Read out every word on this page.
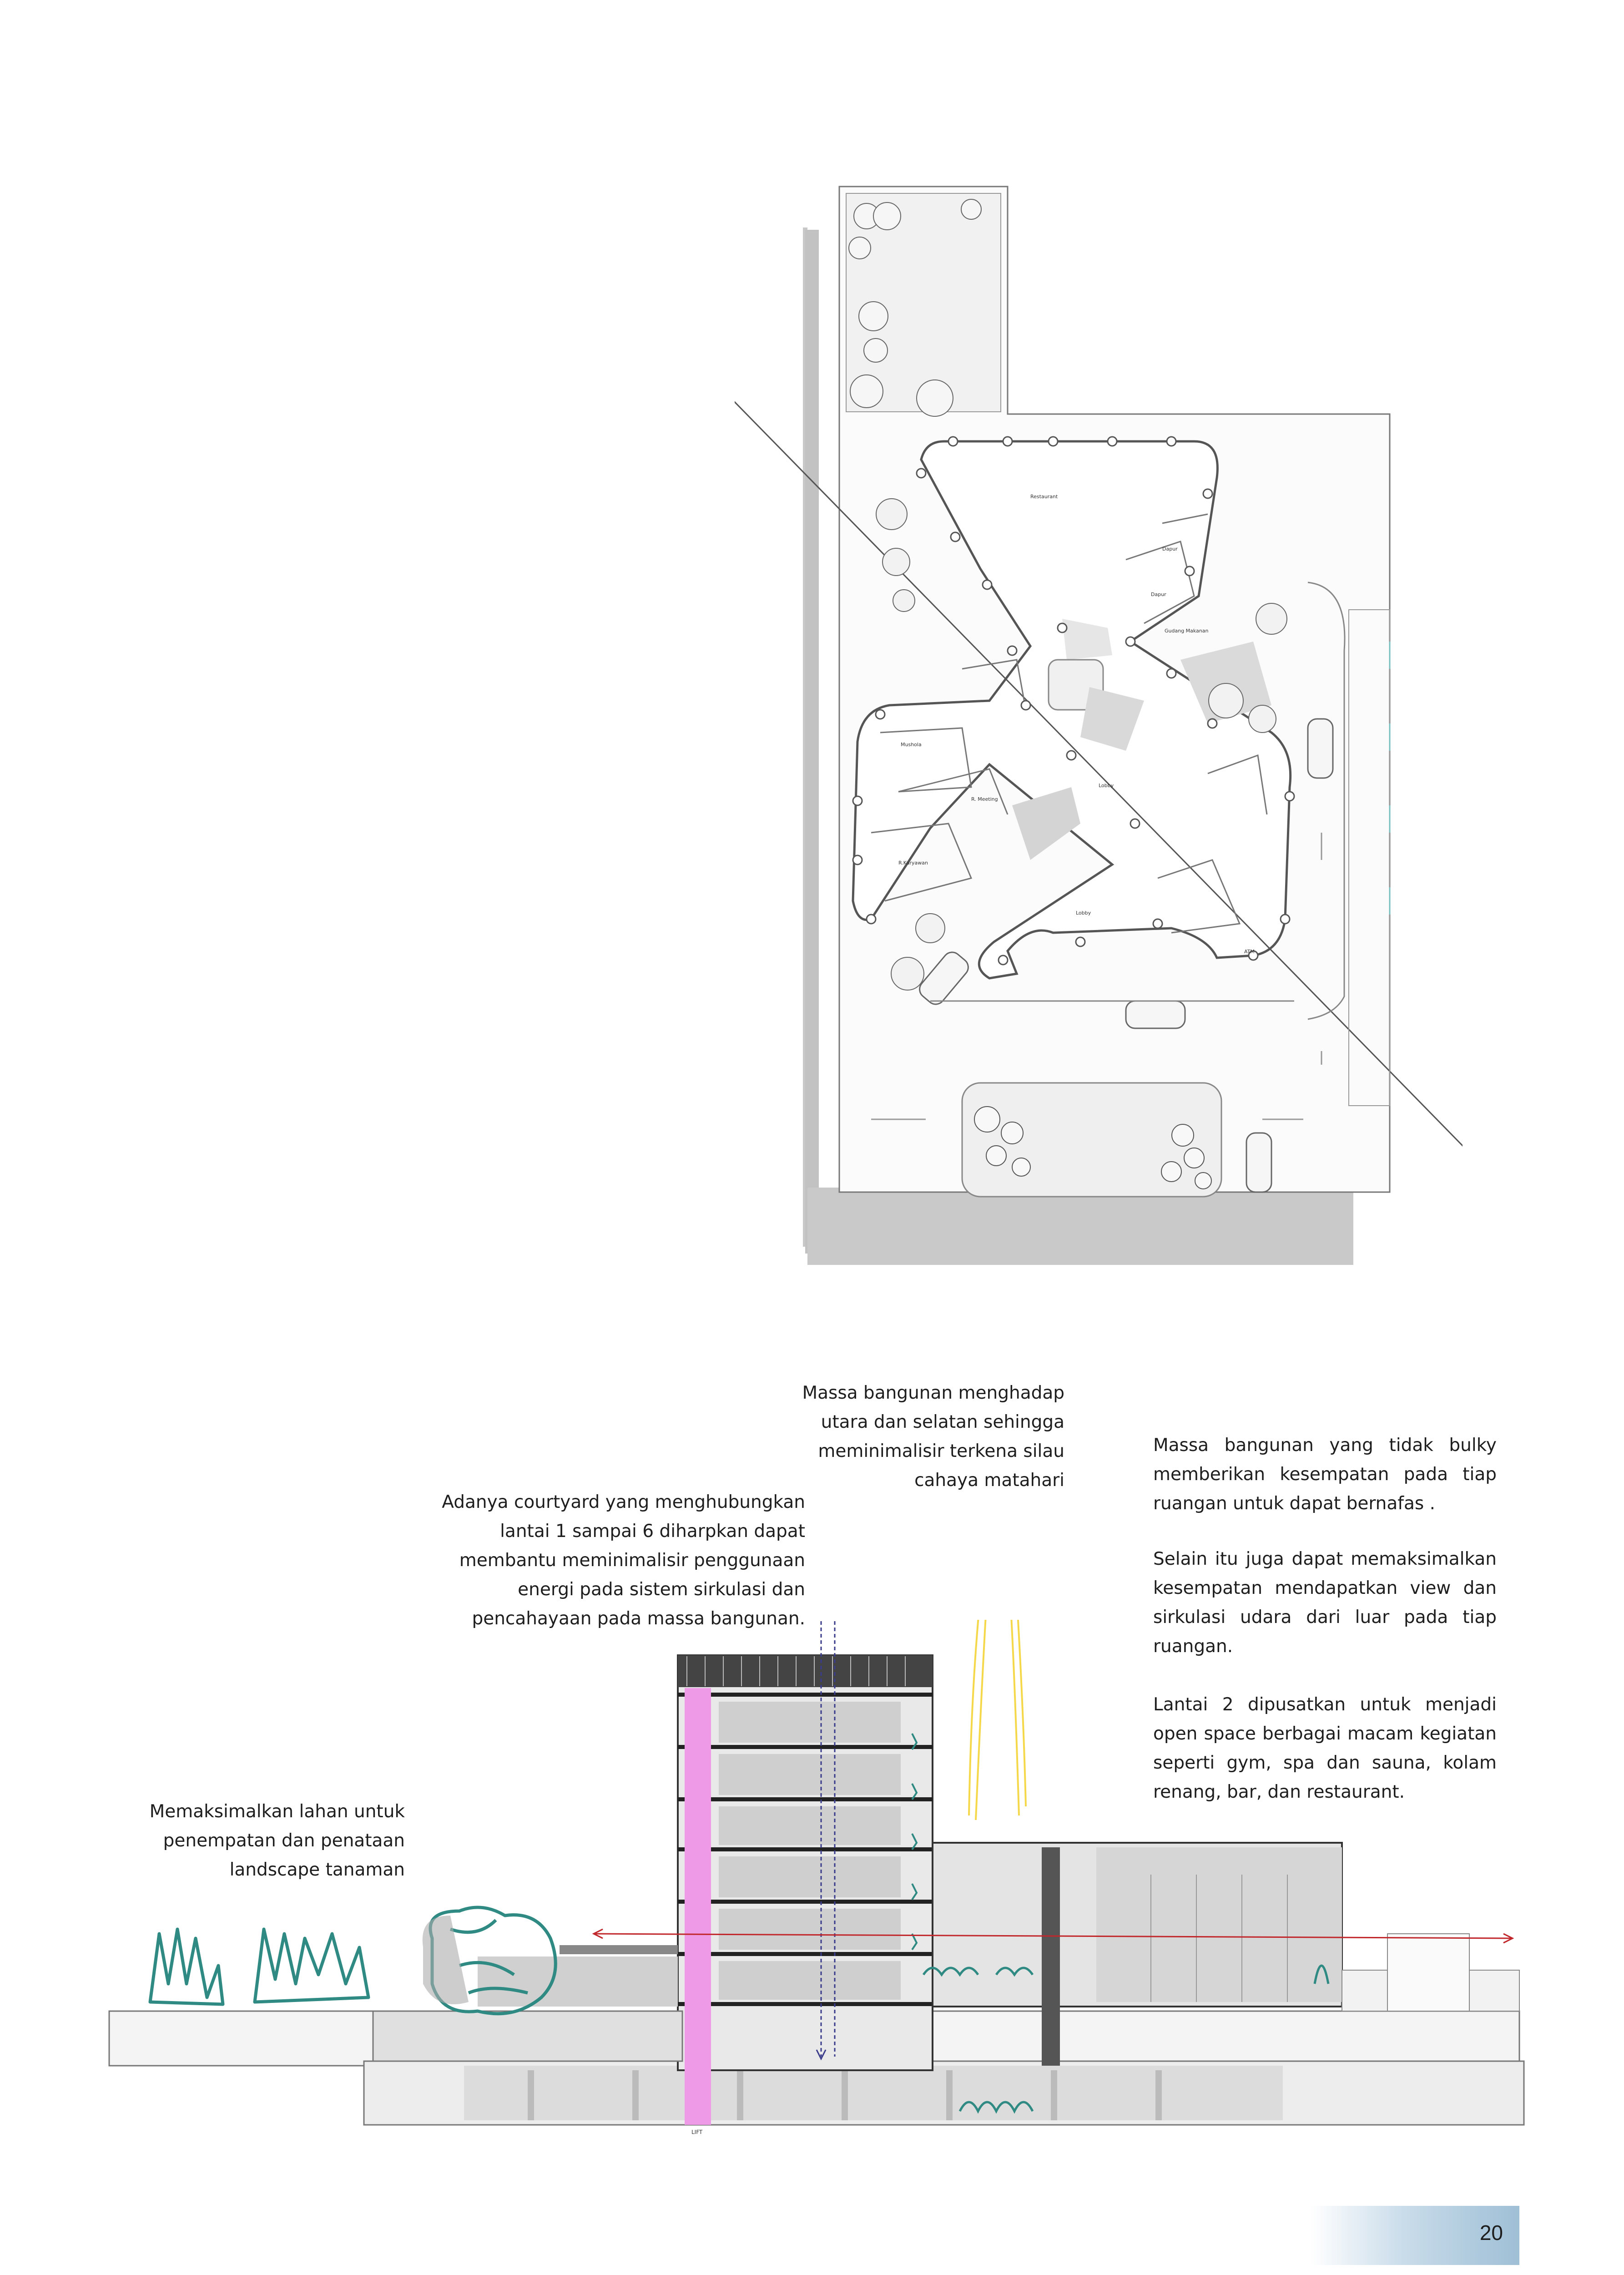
Restaurant
Dapur
Dapur
Gudang Makanan
Mushola
R. Meeting
R.Karyawan
Lobby
Lobby
ATM
Massa bangunan menghadap
utara dan selatan sehingga
meminimalisir terkena silau
cahaya matahari
Adanya courtyard yang menghubungkan
lantai 1 sampai 6 diharpkan dapat
membantu meminimalisir penggunaan
energi pada sistem sirkulasi dan
pencahayaan pada massa bangunan.
Massa bangunan yang tidak bulky memberikan kesempatan pada tiap ruangan untuk dapat bernafas .
Selain itu juga dapat memaksimalkan kesempatan mendapatkan view dan sirkulasi udara dari luar pada tiap ruangan.
Lantai 2 dipusatkan untuk menjadi open space berbagai macam kegiatan seperti gym, spa dan sauna, kolam renang, bar, dan restaurant.
Memaksimalkan lahan untuk
penempatan dan penataan
landscape tanaman
LIFT
20
